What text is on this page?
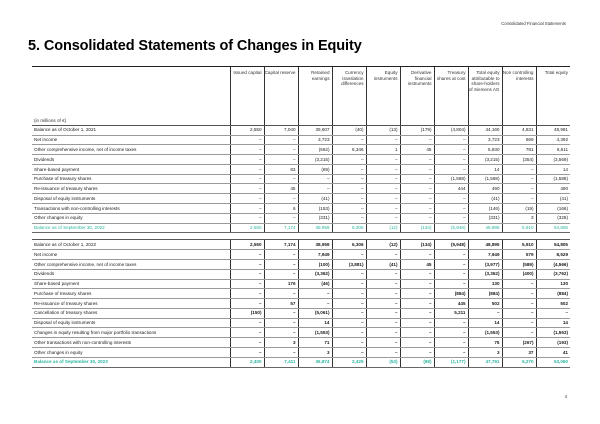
Consolidated Financial Statements
5. Consolidated Statements of Changes in Equity
	Issued capital	Capital reserve	Retained earnings	Currency translation differences	Equity instruments	Derivative financial instruments	Treasury shares at cost	Total equity attributable to share-holders of Siemens AG	Non controlling interests	Total equity
(in millions of €)										
Balance as of October 1, 2021	2,550	7,040	39,607	(40)	(13)	(179)	(4,804)	44,160	4,831	48,991
Net income	–	–	3,723	–	–	–	–	3,723	669	4,392
Other comprehensive income, net of income taxes	–	–	(562)	6,346	1	45	–	5,830	781	6,611
Dividends	–	–	(3,215)	–	–	–	–	(3,215)	(354)	(3,569)
Share-based payment	–	83	(69)	–	–	–	–	14	–	14
Purchase of treasury shares	–	–	–	–	–	–	(1,588)	(1,588)	–	(1,588)
Re-issuance of treasury shares	–	45	–	–	–	–	444	490	–	490
Disposal of equity instruments	–	–	(41)	–	–	–	–	(41)	–	(41)
Transactions with non-controlling interests	–	6	(153)	–	–	–	–	(146)	(19)	(166)
Other changes in equity	–	–	(331)	–	–	–	–	(331)	3	(328)
Balance as of September 30, 2022	2,550	7,174	38,959	6,306	(12)	(134)	(5,948)	48,895	5,910	54,805

Balance as of October 1, 2022	2,550	7,174	38,959	6,306	(12)	(134)	(5,948)	48,895	5,910	54,805
Net income	–	–	7,949	–	–	–	–	7,949	579	8,529
Other comprehensive income, net of income taxes	–	–	(100)	(3,881)	(41)	45	–	(3,977)	(589)	(4,566)
Dividends	–	–	(3,362)	–	–	–	–	(3,362)	(400)	(3,762)
Share-based payment	–	176	(46)	–	–	–	–	130	–	130
Purchase of treasury shares	–	–	–	–	–	–	(884)	(884)	–	(884)
Re-issuance of treasury shares	–	57	–	–	–	–	445	502	–	502
Cancellation of treasury shares	(150)	–	(5,061)	–	–	–	5,211	–	–	–
Disposal of equity instruments	–	–	14	–	–	–	–	14	–	14
Changes in equity resulting from major portfolio transactions	–	–	(1,553)	–	–	–	–	(1,553)	–	(1,553)
Other transactions with non-controlling interests	–	3	71	–	–	–	–	75	(267)	(193)
Other changes in equity	–	–	3	–	–	–	–	3	37	41
Balance as of September 30, 2023	2,400	7,411	36,874	2,425	(53)	(89)	(1,177)	47,791	5,270	53,060
4
